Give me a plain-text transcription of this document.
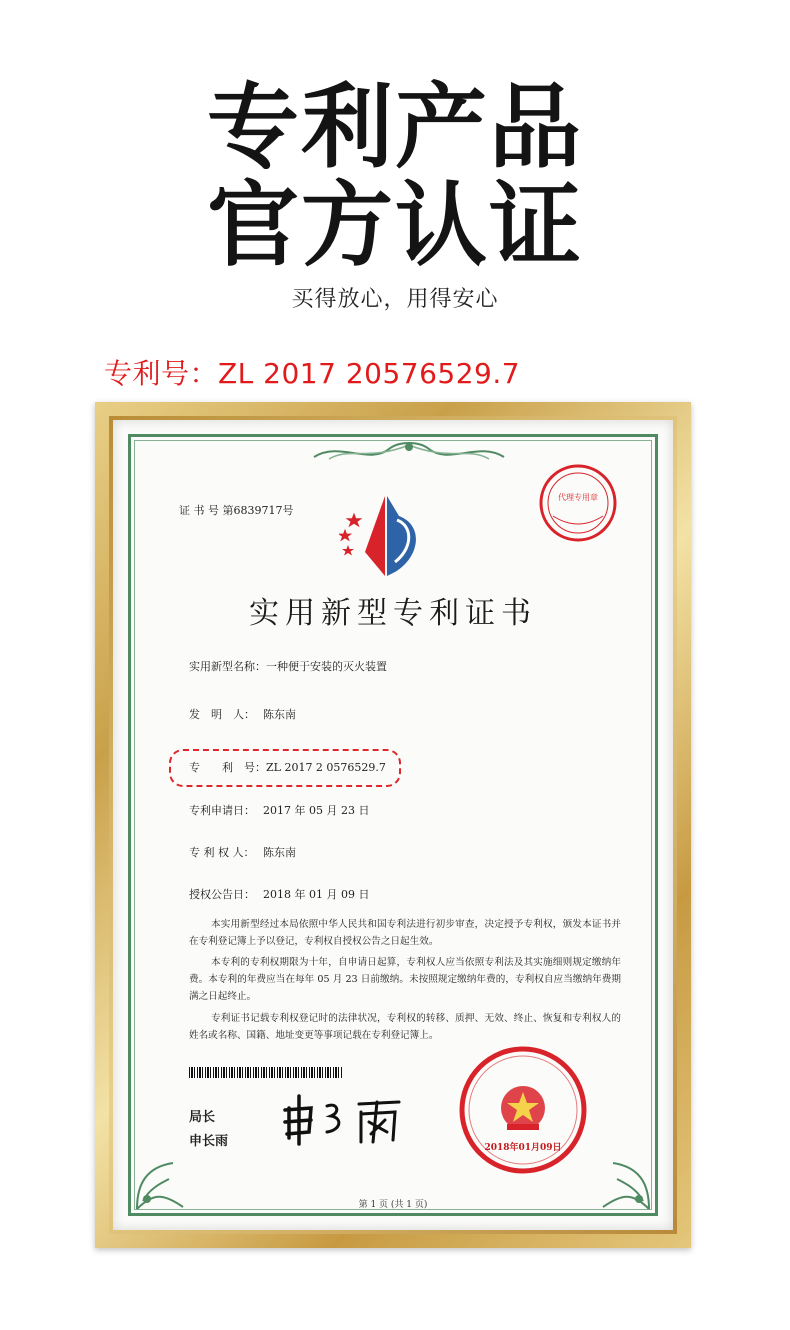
专利产品
官方认证
买得放心，用得安心
专利号：ZL 2017 20576529.7
证 书 号 第6839717号
代理专用章
实用新型专利证书
实用新型名称：一种便于安装的灭火装置
发　明　人： 陈东南
专　　利　号：ZL 2017 2 0576529.7
专利申请日： 2017 年 05 月 23 日
专 利 权 人： 陈东南
授权公告日： 2018 年 01 月 09 日
本实用新型经过本局依照中华人民共和国专利法进行初步审查，决定授予专利权，颁发本证书并在专利登记簿上予以登记，专利权自授权公告之日起生效。
本专利的专利权期限为十年，自申请日起算，专利权人应当依照专利法及其实施细则规定缴纳年费。本专利的年费应当在每年 05 月 23 日前缴纳。未按照规定缴纳年费的，专利权自应当缴纳年费期满之日起终止。
专利证书记载专利权登记时的法律状况，专利权的转移、质押、无效、终止、恢复和专利权人的姓名或名称、国籍、地址变更等事项记载在专利登记簿上。
局长
申长雨	2018年01月09日
第 1 页 (共 1 页)
